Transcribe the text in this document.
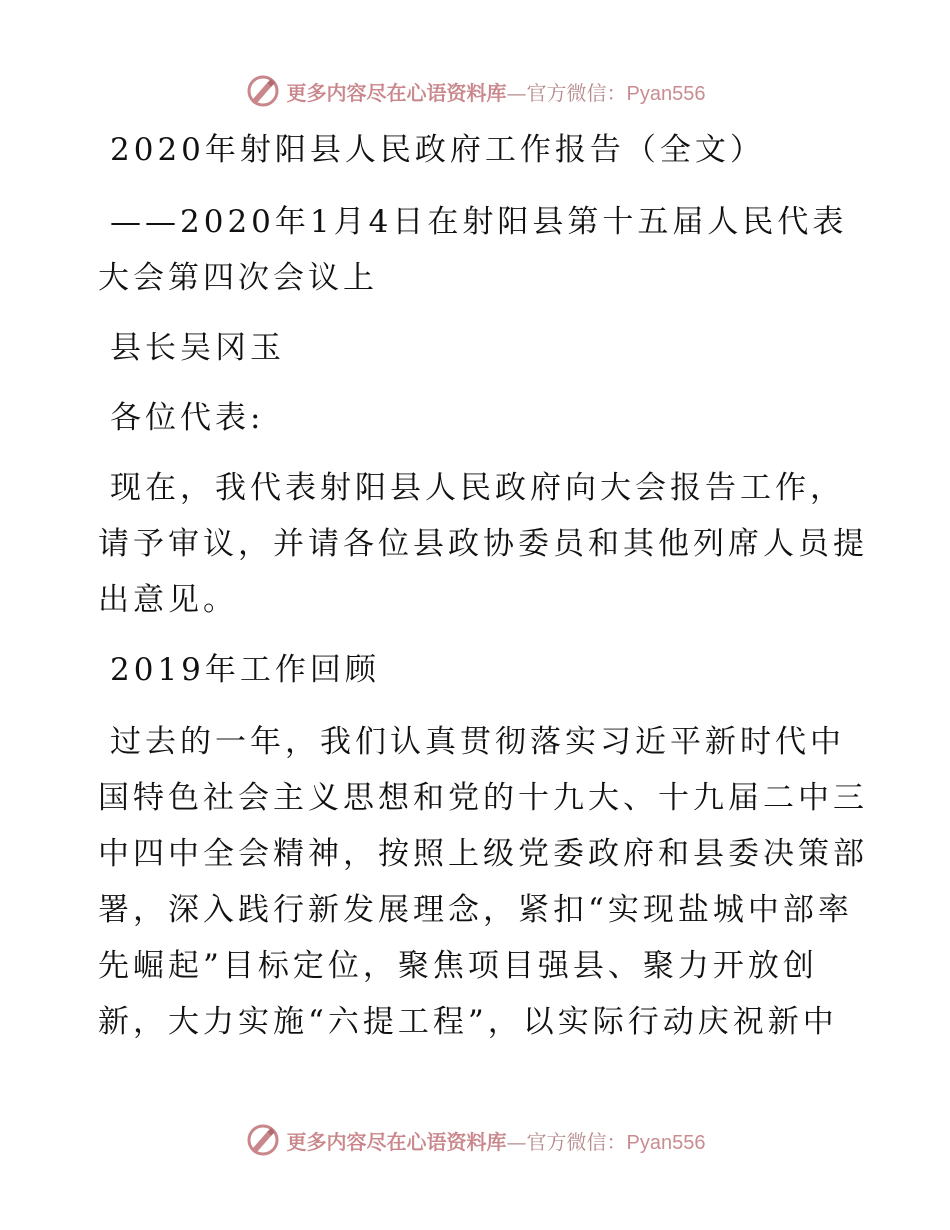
更多内容尽在心语资料库—官方微信：Pyan556

2020年射阳县人民政府工作报告（全文）

——2020年1月4日在射阳县第十五届人民代表

大会第四次会议上

县长吴冈玉

各位代表:

现在，我代表射阳县人民政府向大会报告工作，

请予审议，并请各位县政协委员和其他列席人员提

出意见。

2019年工作回顾

过去的一年，我们认真贯彻落实习近平新时代中

国特色社会主义思想和党的十九大、十九届二中三

中四中全会精神，按照上级党委政府和县委决策部

署，深入践行新发展理念，紧扣“实现盐城中部率

先崛起”目标定位，聚焦项目强县、聚力开放创

新，大力实施“六提工程”，以实际行动庆祝新中

更多内容尽在心语资料库—官方微信：Pyan556
